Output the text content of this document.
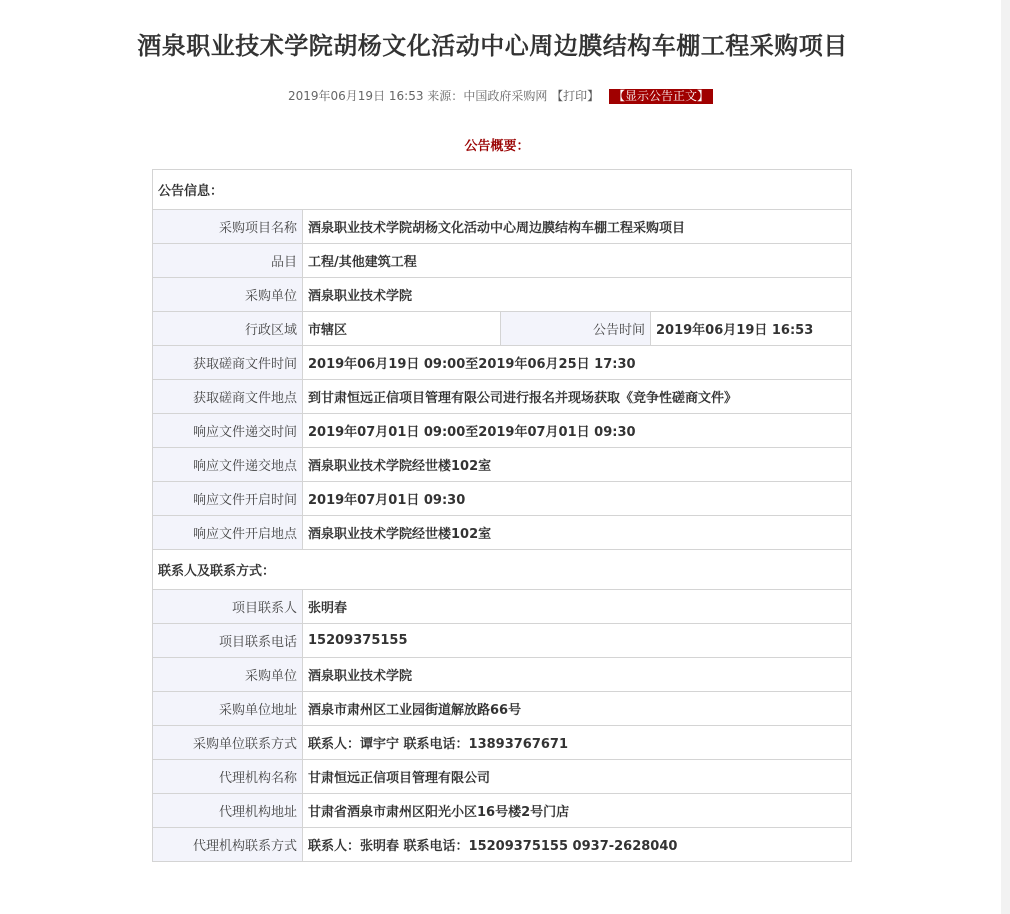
酒泉职业技术学院胡杨文化活动中心周边膜结构车棚工程采购项目
2019年06月19日 16:53 来源：中国政府采购网 【打印】 【显示公告正文】
公告概要：
公告信息：			
采购项目名称	酒泉职业技术学院胡杨文化活动中心周边膜结构车棚工程采购项目		
品目	工程/其他建筑工程		
采购单位	酒泉职业技术学院		
行政区域	市辖区	公告时间	2019年06月19日 16:53
获取磋商文件时间	2019年06月19日 09:00至2019年06月25日 17:30		
获取磋商文件地点	到甘肃恒远正信项目管理有限公司进行报名并现场获取《竞争性磋商文件》		
响应文件递交时间	2019年07月01日 09:00至2019年07月01日 09:30		
响应文件递交地点	酒泉职业技术学院经世楼102室		
响应文件开启时间	2019年07月01日 09:30		
响应文件开启地点	酒泉职业技术学院经世楼102室		
联系人及联系方式：			
项目联系人	张明春		
项目联系电话	15209375155		
采购单位	酒泉职业技术学院		
采购单位地址	酒泉市肃州区工业园街道解放路66号		
采购单位联系方式	联系人：谭宇宁 联系电话：13893767671		
代理机构名称	甘肃恒远正信项目管理有限公司		
代理机构地址	甘肃省酒泉市肃州区阳光小区16号楼2号门店		
代理机构联系方式	联系人：张明春 联系电话：15209375155 0937-2628040		
